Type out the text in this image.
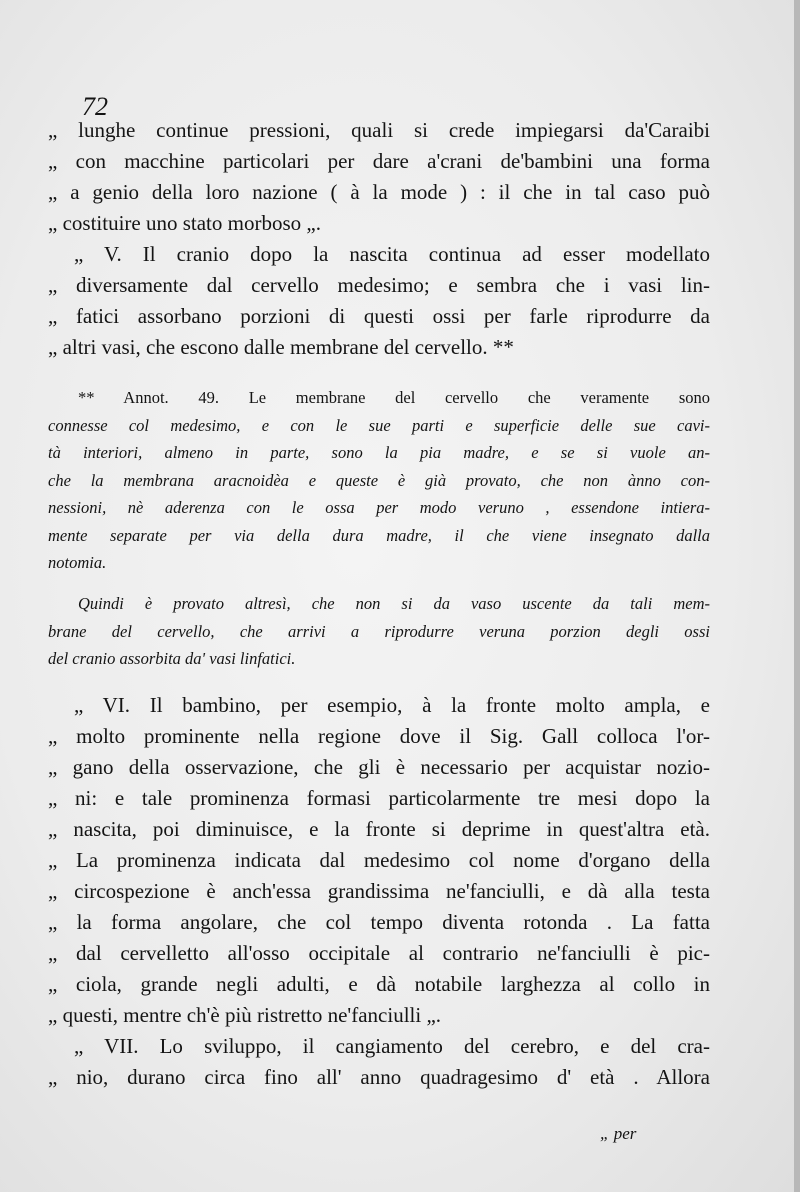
72
„ lunghe continue pressioni, quali si crede impiegarsi da'Caraibi
„ con macchine particolari per dare a'crani de'bambini una forma
„ a genio della loro nazione ( à la mode ) : il che in tal caso può
„ costituire uno stato morboso „.
„ V. Il cranio dopo la nascita continua ad esser modellato
„ diversamente dal cervello medesimo; e sembra che i vasi lin-
„ fatici assorbano porzioni di questi ossi per farle riprodurre da
„ altri vasi, che escono dalle membrane del cervello. **
** Annot. 49. Le membrane del cervello che veramente sono
connesse col medesimo, e con le sue parti e superficie delle sue cavi-
tà interiori, almeno in parte, sono la pia madre, e se si vuole an-
che la membrana aracnoidèa e queste è già provato, che non ànno con-
nessioni, nè aderenza con le ossa per modo veruno , essendone intiera-
mente separate per via della dura madre, il che viene insegnato dalla
notomia.
Quindi è provato altresì, che non si da vaso uscente da tali mem-
brane del cervello, che arrivi a riprodurre veruna porzion degli ossi
del cranio assorbita da' vasi linfatici.
„ VI. Il bambino, per esempio, à la fronte molto ampla, e
„ molto prominente nella regione dove il Sig. Gall colloca l'or-
„ gano della osservazione, che gli è necessario per acquistar nozio-
„ ni: e tale prominenza formasi particolarmente tre mesi dopo la
„ nascita, poi diminuisce, e la fronte si deprime in quest'altra età.
„ La prominenza indicata dal medesimo col nome d'organo della
„ circospezione è anch'essa grandissima ne'fanciulli, e dà alla testa
„ la forma angolare, che col tempo diventa rotonda . La fatta
„ dal cervelletto all'osso occipitale al contrario ne'fanciulli è pic-
„ ciola, grande negli adulti, e dà notabile larghezza al collo in
„ questi, mentre ch'è più ristretto ne'fanciulli „.
„ VII. Lo sviluppo, il cangiamento del cerebro, e del cra-
„ nio, durano circa fino all' anno quadragesimo d' età . Allora
„ per
